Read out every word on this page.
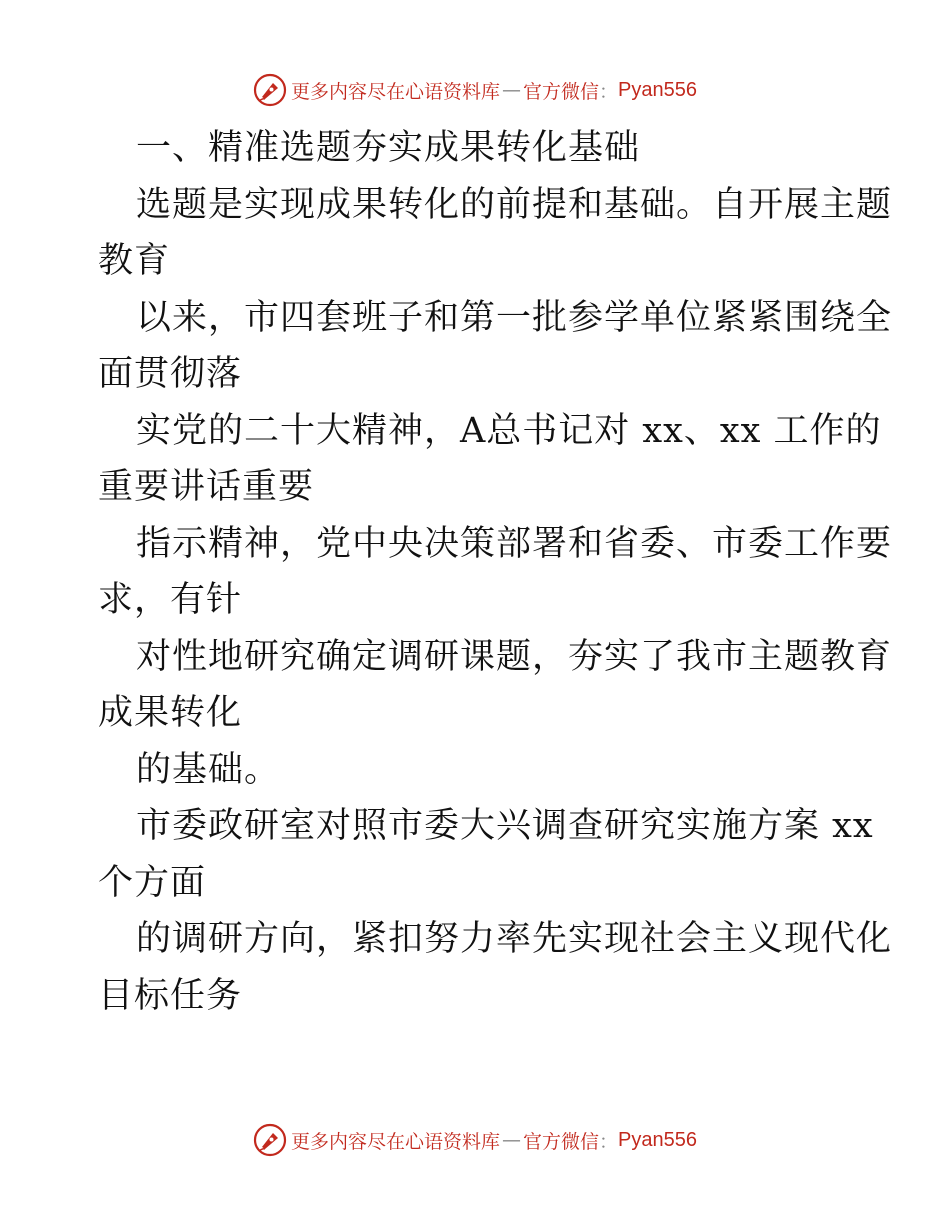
更多内容尽在心语资料库 — 官方微信 ： Pyan556
一、精准选题夯实成果转化基础
选题是实现成果转化的前提和基础。自开展主题
教育
以来，市四套班子和第一批参学单位紧紧围绕全
面贯彻落
实党的二十大精神，A总书记对 xx、xx 工作的
重要讲话重要
指示精神，党中央决策部署和省委、市委工作要
求，有针
对性地研究确定调研课题，夯实了我市主题教育
成果转化
的基础。
市委政研室对照市委大兴调查研究实施方案 xx
个方面
的调研方向，紧扣努力率先实现社会主义现代化
目标任务
更多内容尽在心语资料库 — 官方微信 ： Pyan556
